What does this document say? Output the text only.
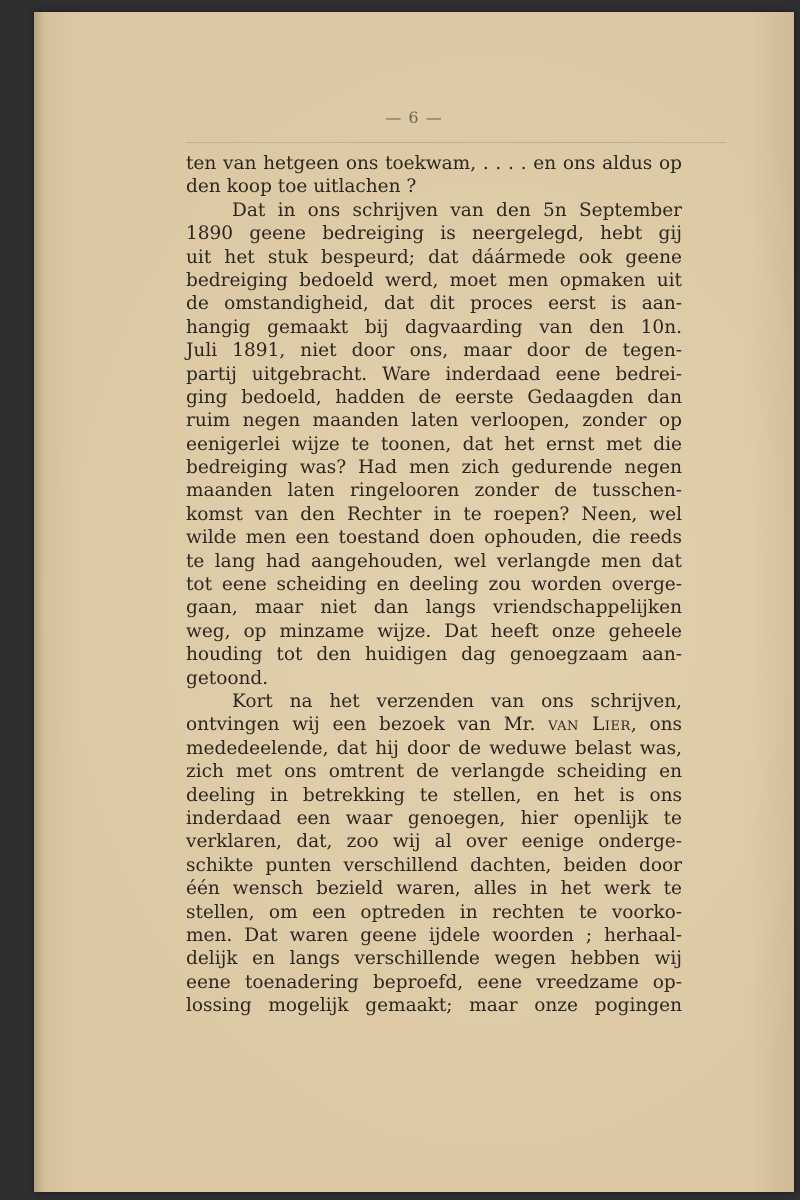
— 6 —
ten van hetgeen ons toekwam, . . . . en ons aldus op
den koop toe uitlachen ?
Dat in ons schrijven van den 5n September
1890 geene bedreiging is neergelegd, hebt gij
uit het stuk bespeurd; dat dáármede ook geene
bedreiging bedoeld werd, moet men opmaken uit
de omstandigheid, dat dit proces eerst is aan-
hangig gemaakt bij dagvaarding van den 10n.
Juli 1891, niet door ons, maar door de tegen-
partij uitgebracht. Ware inderdaad eene bedrei-
ging bedoeld, hadden de eerste Gedaagden dan
ruim negen maanden laten verloopen, zonder op
eenigerlei wijze te toonen, dat het ernst met die
bedreiging was? Had men zich gedurende negen
maanden laten ringelooren zonder de tusschen-
komst van den Rechter in te roepen? Neen, wel
wilde men een toestand doen ophouden, die reeds
te lang had aangehouden, wel verlangde men dat
tot eene scheiding en deeling zou worden overge-
gaan, maar niet dan langs vriendschappelijken
weg, op minzame wijze. Dat heeft onze geheele
houding tot den huidigen dag genoegzaam aan-
getoond.
Kort na het verzenden van ons schrijven,
ontvingen wij een bezoek van Mr. van Lier, ons
mededeelende, dat hij door de weduwe belast was,
zich met ons omtrent de verlangde scheiding en
deeling in betrekking te stellen, en het is ons
inderdaad een waar genoegen, hier openlijk te
verklaren, dat, zoo wij al over eenige onderge-
schikte punten verschillend dachten, beiden door
één wensch bezield waren, alles in het werk te
stellen, om een optreden in rechten te voorko-
men. Dat waren geene ijdele woorden ; herhaal-
delijk en langs verschillende wegen hebben wij
eene toenadering beproefd, eene vreedzame op-
lossing mogelijk gemaakt; maar onze pogingen
